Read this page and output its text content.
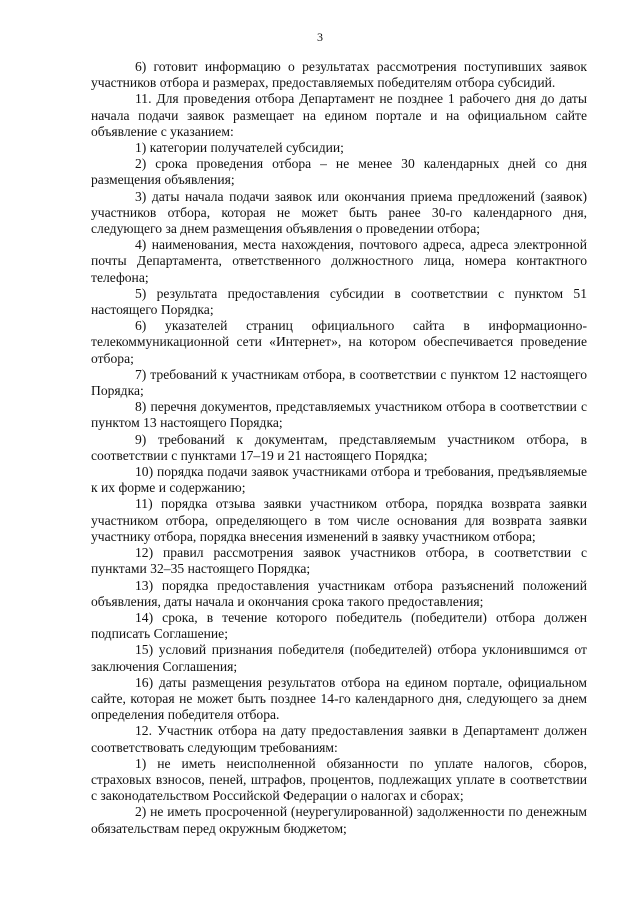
3

6) готовит информацию о результатах рассмотрения поступивших заявок участников отбора и размерах, предоставляемых победителям отбора субсидий.

11. Для проведения отбора Департамент не позднее 1 рабочего дня до даты начала подачи заявок размещает на едином портале и на официальном сайте объявление с указанием:

1) категории получателей субсидии;

2) срока проведения отбора – не менее 30 календарных дней со дня размещения объявления;

3) даты начала подачи заявок или окончания приема предложений (заявок) участников отбора, которая не может быть ранее 30-го календарного дня, следующего за днем размещения объявления о проведении отбора;

4) наименования, места нахождения, почтового адреса, адреса электронной почты Департамента, ответственного должностного лица, номера контактного телефона;

5) результата предоставления субсидии в соответствии с пунктом 51 настоящего Порядка;

6) указателей страниц официального сайта в информационно-телекоммуникационной сети «Интернет», на котором обеспечивается проведение отбора;

7) требований к участникам отбора, в соответствии с пунктом 12 настоящего Порядка;

8) перечня документов, представляемых участником отбора в соответствии с пунктом 13 настоящего Порядка;

9) требований к документам, представляемым участником отбора, в соответствии с пунктами 17–19 и 21 настоящего Порядка;

10) порядка подачи заявок участниками отбора и требования, предъявляемые к их форме и содержанию;

11) порядка отзыва заявки участником отбора, порядка возврата заявки участником отбора, определяющего в том числе основания для возврата заявки участнику отбора, порядка внесения изменений в заявку участником отбора;

12) правил рассмотрения заявок участников отбора, в соответствии с пунктами 32–35 настоящего Порядка;

13) порядка предоставления участникам отбора разъяснений положений объявления, даты начала и окончания срока такого предоставления;

14) срока, в течение которого победитель (победители) отбора должен подписать Соглашение;

15) условий признания победителя (победителей) отбора уклонившимся от заключения Соглашения;

16) даты размещения результатов отбора на едином портале, официальном сайте, которая не может быть позднее 14-го календарного дня, следующего за днем определения победителя отбора.

12. Участник отбора на дату предоставления заявки в Департамент должен соответствовать следующим требованиям:

1) не иметь неисполненной обязанности по уплате налогов, сборов, страховых взносов, пеней, штрафов, процентов, подлежащих уплате в соответствии с законодательством Российской Федерации о налогах и сборах;

2) не иметь просроченной (неурегулированной) задолженности по денежным обязательствам перед окружным бюджетом;
